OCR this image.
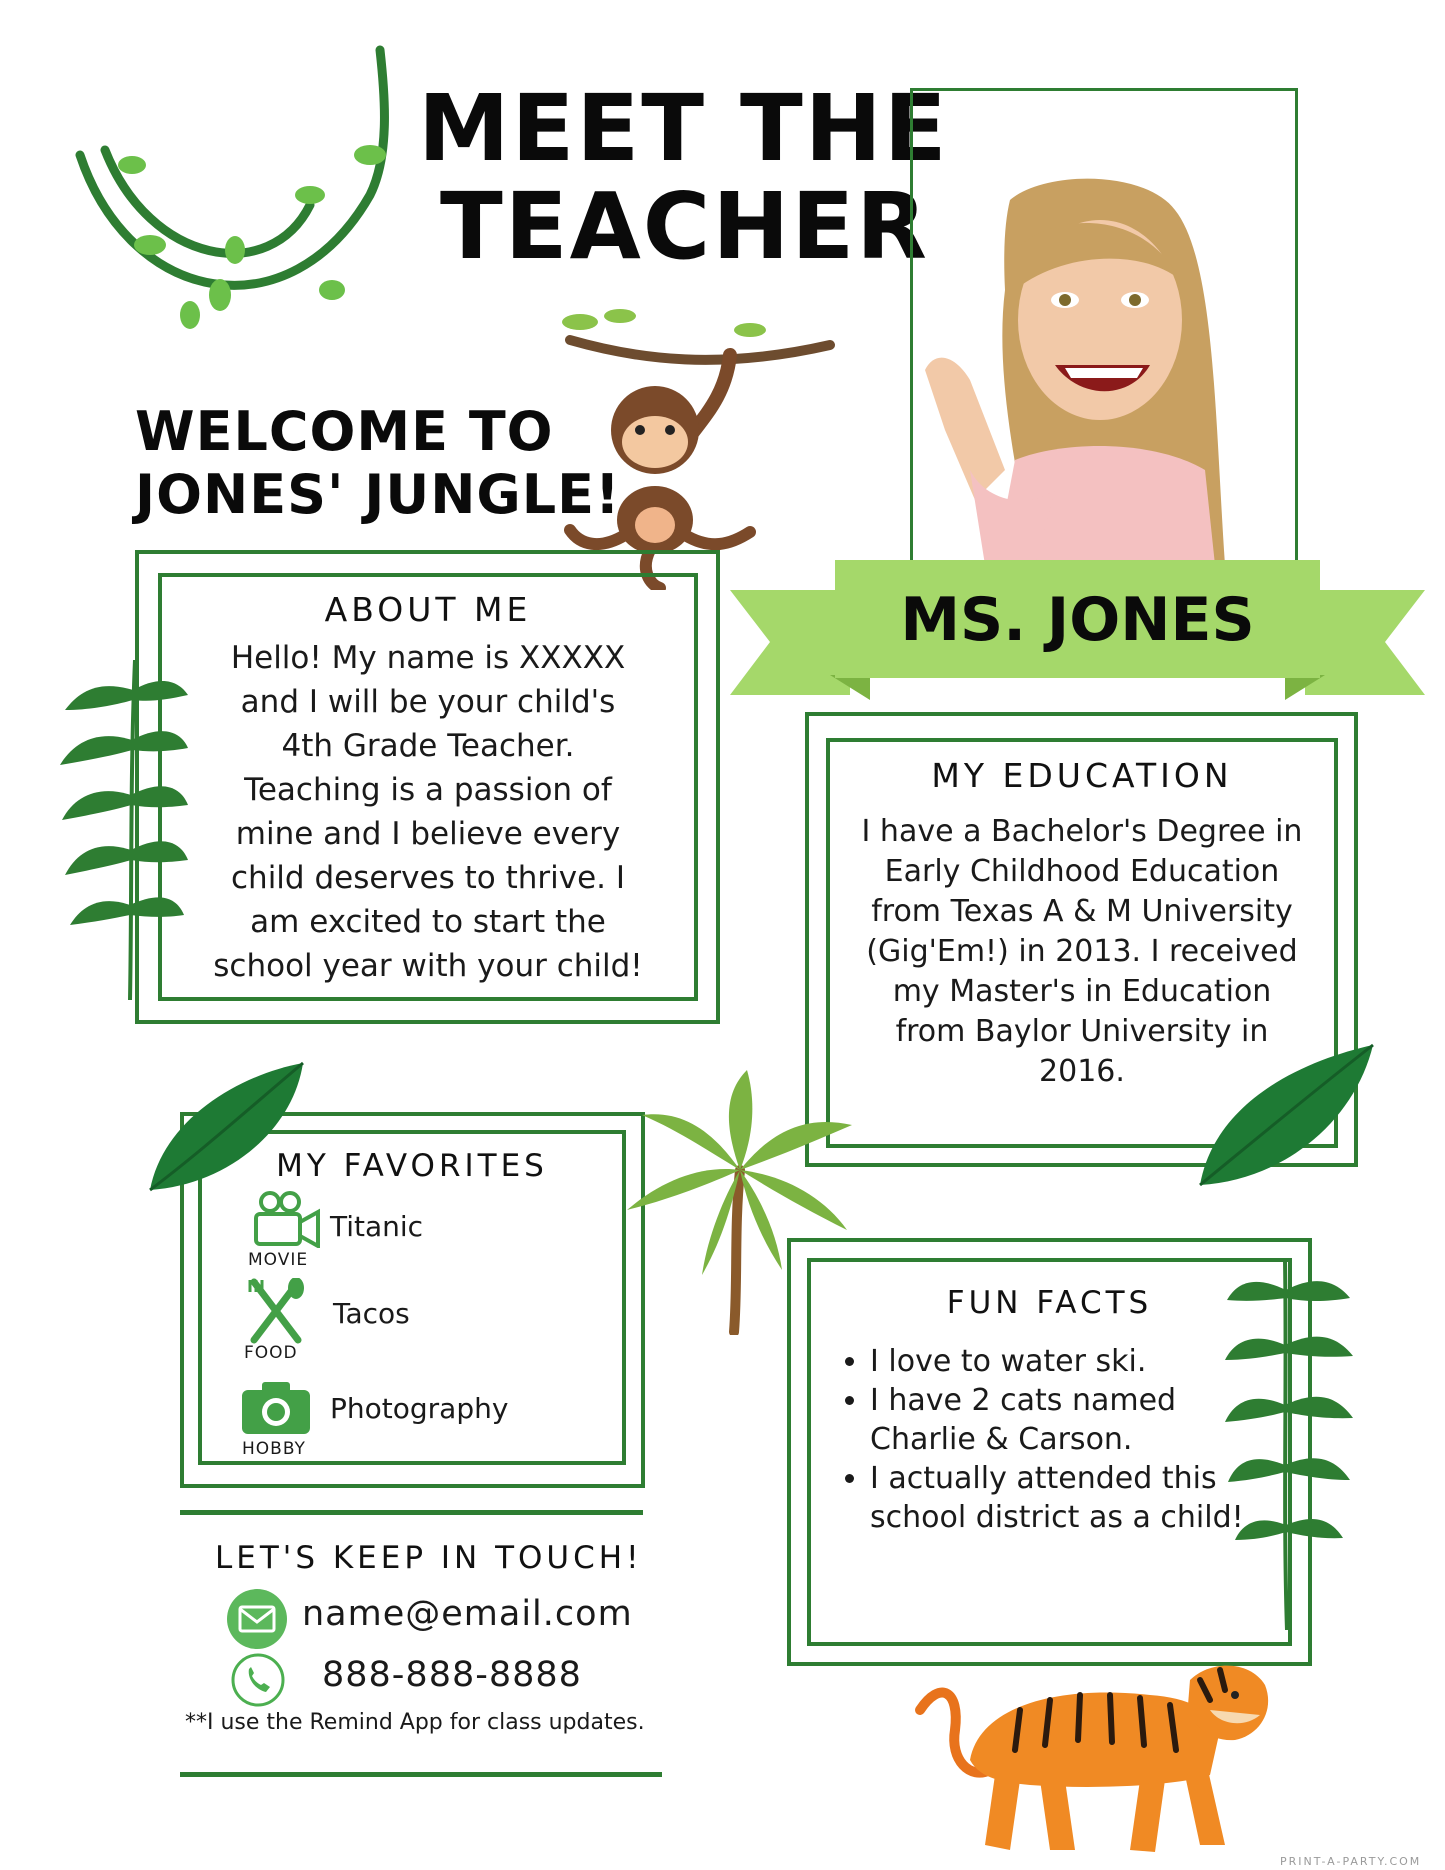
MEET THE
TEACHER
WELCOME TO
JONES' JUNGLE!
MS. JONES
ABOUT ME
Hello! My name is XXXXX
and I will be your child's
4th Grade Teacher.
Teaching is a passion of
mine and I believe every
child deserves to thrive. I
am excited to start the
school year with your child!
MY EDUCATION
I have a Bachelor's Degree in
Early Childhood Education
from Texas A & M University
(Gig'Em!) in 2013. I received
my Master's in Education
from Baylor University in
2016.
MY FAVORITES
MOVIE
Titanic
FOOD
Tacos
HOBBY
Photography
FUN FACTS
• I love to water ski.
• I have 2 cats named Charlie & Carson.
• I actually attended this school district as a child!
LET'S KEEP IN TOUCH!
name@email.com
888-888-8888
**I use the Remind App for class updates.
PRINT-A-PARTY.COM
